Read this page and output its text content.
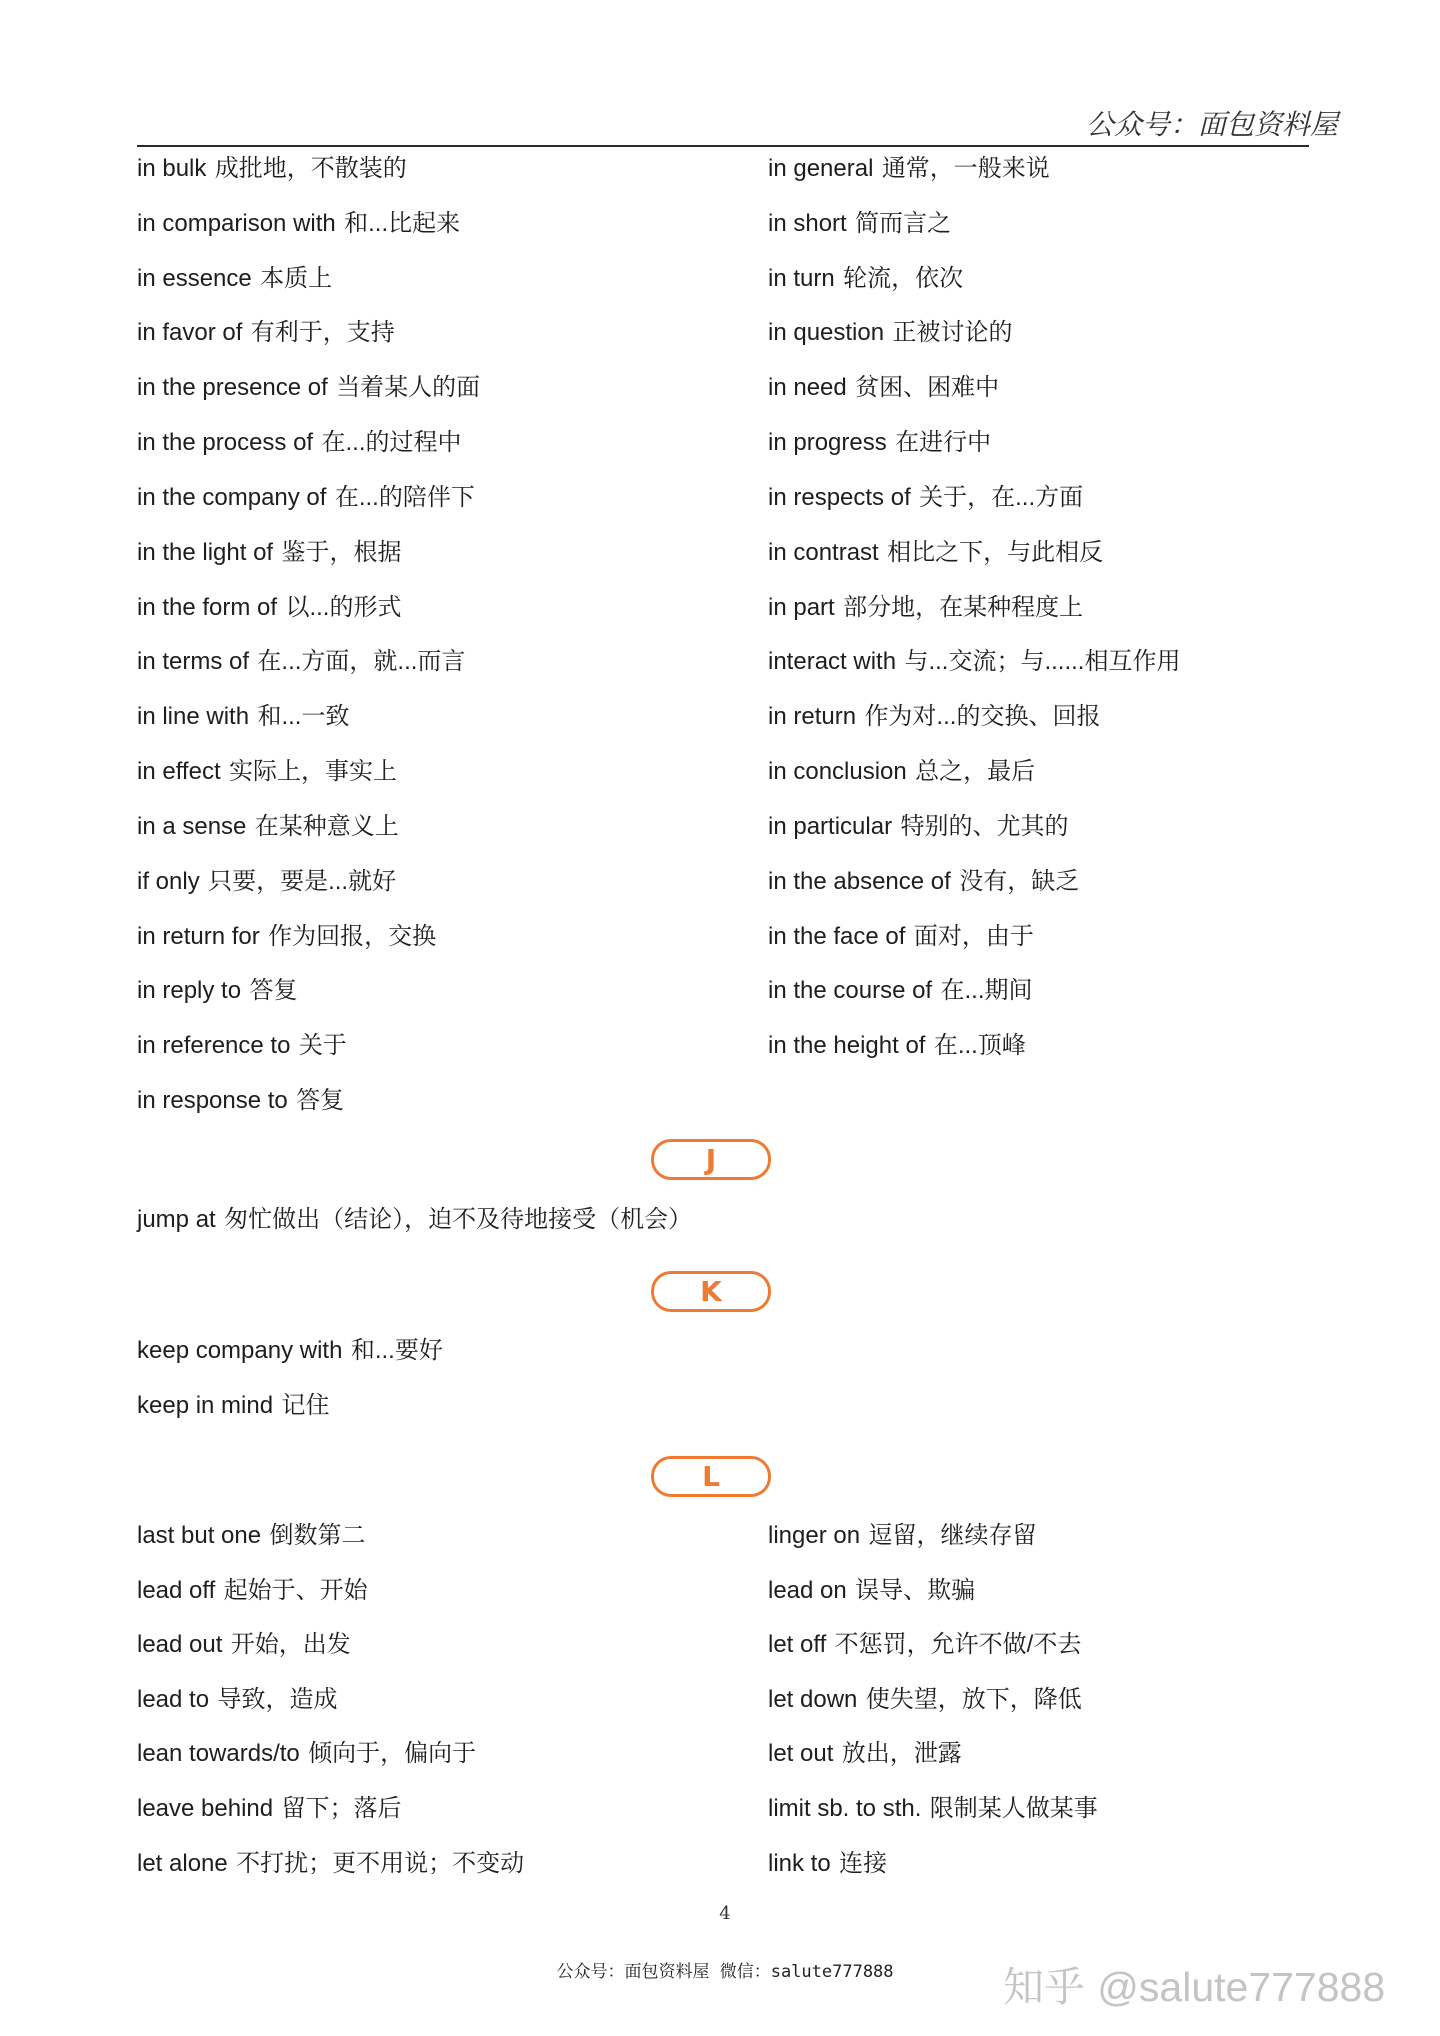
公众号：面包资料屋
in bulk 成批地，不散装的
in comparison with 和...比起来
in essence 本质上
in favor of 有利于，支持
in the presence of 当着某人的面
in the process of 在...的过程中
in the company of 在...的陪伴下
in the light of 鉴于，根据
in the form of 以...的形式
in terms of 在...方面，就...而言
in line with 和...一致
in effect 实际上，事实上
in a sense 在某种意义上
if only 只要，要是...就好
in return for 作为回报，交换
in reply to 答复
in reference to 关于
in response to 答复
in general 通常，一般来说
in short 简而言之
in turn 轮流，依次
in question 正被讨论的
in need 贫困、困难中
in progress 在进行中
in respects of 关于，在...方面
in contrast 相比之下，与此相反
in part 部分地，在某种程度上
interact with 与...交流；与......相互作用
in return 作为对...的交换、回报
in conclusion 总之，最后
in particular 特别的、尤其的
in the absence of 没有，缺乏
in the face of 面对，由于
in the course of 在...期间
in the height of 在...顶峰
J
jump at 匆忙做出（结论），迫不及待地接受（机会）
K
keep company with 和...要好
keep in mind 记住
L
last but one 倒数第二
lead off 起始于、开始
lead out 开始，出发
lead to 导致，造成
lean towards/to 倾向于，偏向于
leave behind 留下；落后
let alone 不打扰；更不用说；不变动
linger on 逗留，继续存留
lead on 误导、欺骗
let off 不惩罚，允许不做/不去
let down 使失望，放下，降低
let out 放出，泄露
limit sb. to sth. 限制某人做某事
link to 连接
4
公众号：面包资料屋 微信：salute777888	知乎 @salute777888
